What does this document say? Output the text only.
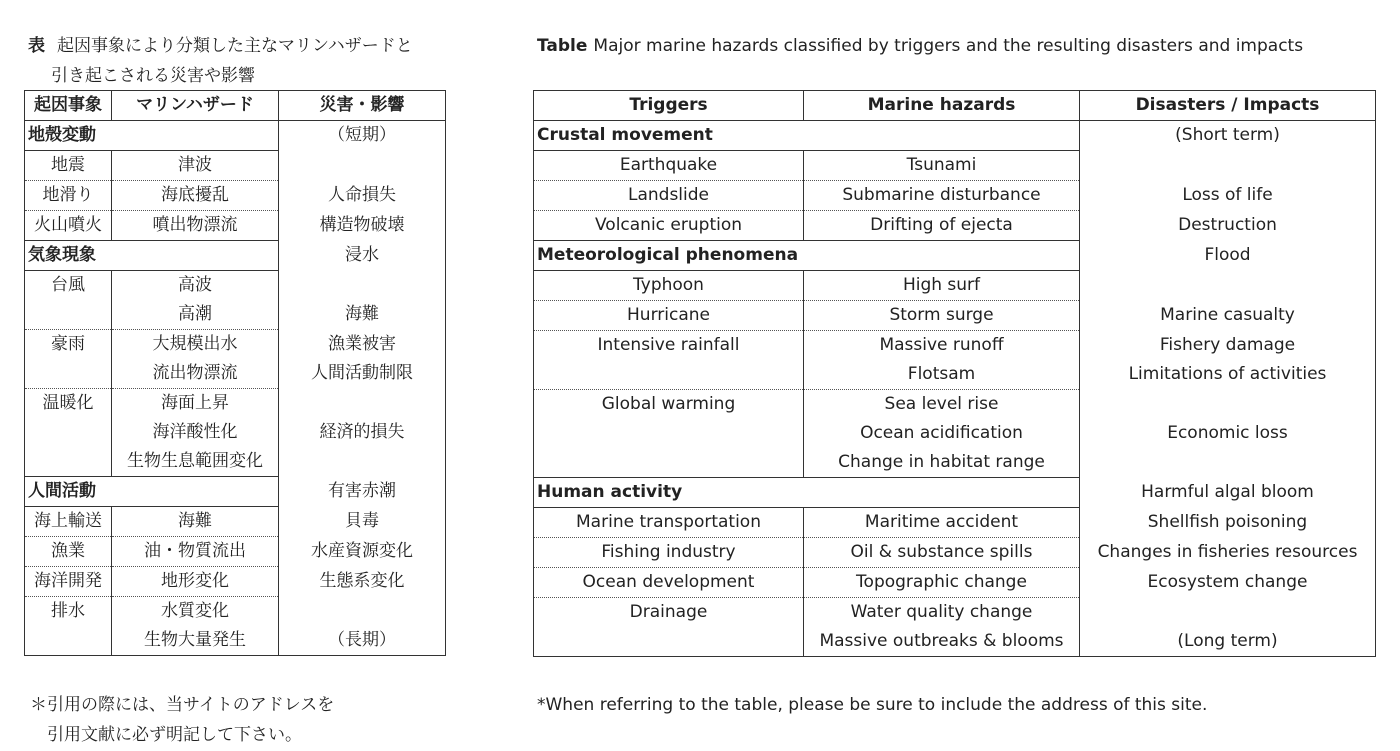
表 起因事象により分類した主なマリンハザードと
引き起こされる災害や影響
Table Major marine hazards classified by triggers and the resulting disasters and impacts
起因事象	マリンハザード	災害・影響
地殻変動		（短期）
地震	津波	
地滑り	海底擾乱	人命損失
火山噴火	噴出物漂流	構造物破壊
気象現象		浸水
台風	高波	
	高潮	海難
豪雨	大規模出水	漁業被害
	流出物漂流	人間活動制限
温暖化	海面上昇	
	海洋酸性化	経済的損失
	生物生息範囲変化	
人間活動		有害赤潮
海上輸送	海難	貝毒
漁業	油・物質流出	水産資源変化
海洋開発	地形変化	生態系変化
排水	水質変化	
	生物大量発生	（長期）
Triggers	Marine hazards	Disasters / Impacts
Crustal movement		(Short term)
Earthquake	Tsunami	
Landslide	Submarine disturbance	Loss of life
Volcanic eruption	Drifting of ejecta	Destruction
Meteorological phenomena		Flood
Typhoon	High surf	
Hurricane	Storm surge	Marine casualty
Intensive rainfall	Massive runoff	Fishery damage
	Flotsam	Limitations of activities
Global warming	Sea level rise	
	Ocean acidification	Economic loss
	Change in habitat range	
Human activity		Harmful algal bloom
Marine transportation	Maritime accident	Shellfish poisoning
Fishing industry	Oil & substance spills	Changes in fisheries resources
Ocean development	Topographic change	Ecosystem change
Drainage	Water quality change	
	Massive outbreaks & blooms	(Long term)
＊引用の際には、当サイトのアドレスを
引用文献に必ず明記して下さい。
*When referring to the table, please be sure to include the address of this site.
